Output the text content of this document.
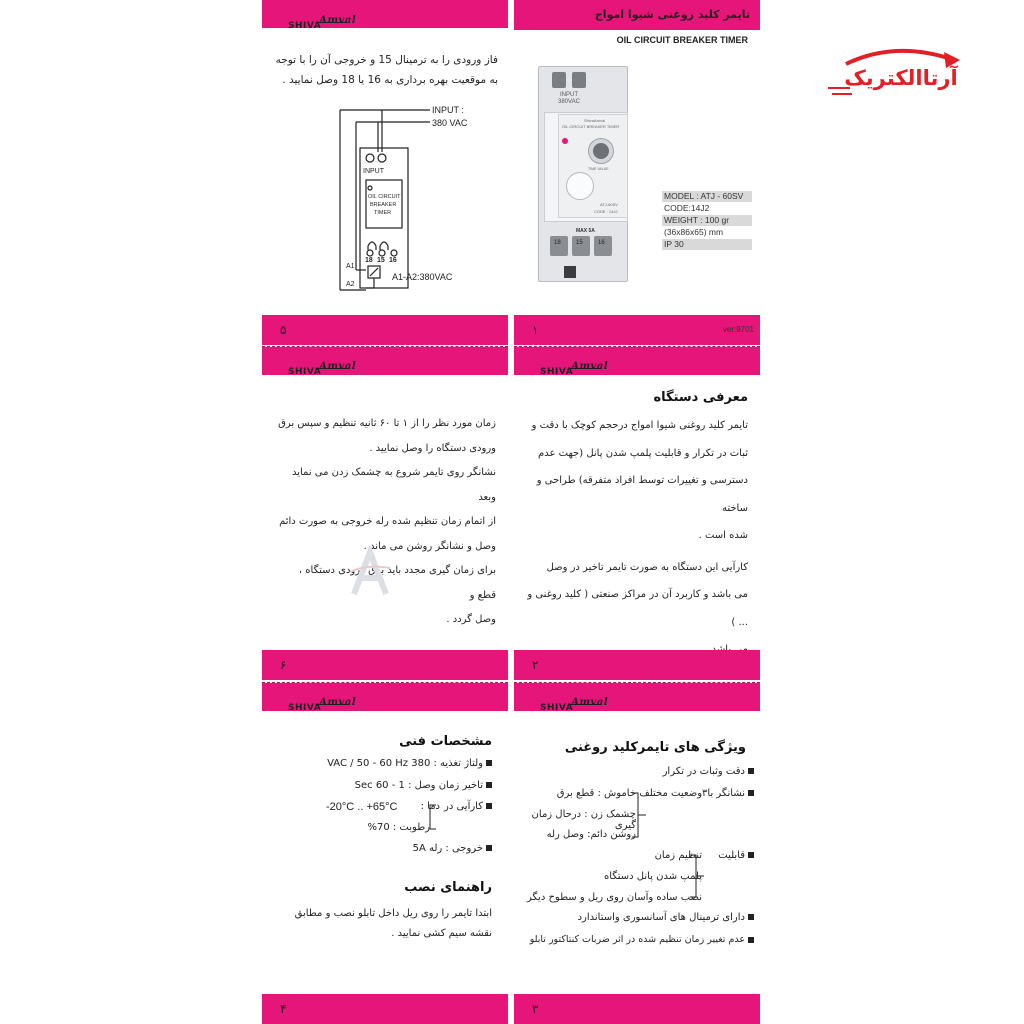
SHIVAAmval
فاز ورودی را به ترمینال 15 و خروجی آن را با توجه به موقعیت بهره برداری به 16 یا 18 وصل نمایید .
INPUT :
380 VAC
INPUT
OIL CIRCUIT
BREAKER
TIMER
18 15 16
A1
A2
A1-A2:380VAC
۵
تایمر کلید روغنی شیوا امواج
OIL CIRCUIT BREAKER TIMER
INPUT
380VAC
OIL CIRCUIT BREAKER TIMER
ShivaAmval
TIME VALUE
ATJ-60SV
CODE : 14J2
MAX 5A
18	15	16
MODEL : ATJ - 60SV
CODE:14J2
WEIGHT : 100 gr
(36x86x65) mm
IP 30
۱	ver:9701
آرتاالکتریک
SHIVAAmval
زمان مورد نظر را از ۱ تا ۶۰ ثانیه تنظیم و سپس برق
ورودی دستگاه را وصل نمایید .
نشانگر روی تایمر شروع به چشمک زدن می نماید وبعد
از اتمام زمان تنظیم شده رله خروجی به صورت دائم
وصل و نشانگر روشن می ماند .
برای زمان گیری مجدد باید برق ورودی دستگاه ، قطع و
وصل گردد .
۶
SHIVAAmval
معرفی دستگاه
تایمر کلید روغنی شیوا امواج درحجم کوچک با دقت و
ثبات در تکرار و قابلیت پلمپ شدن پانل (جهت عدم
دسترسی و تغییرات توسط افراد متفرقه) طراحی و ساخته
شده است .
کارآیی این دستگاه به صورت تایمر تاخیر در وصل
می باشد و کاربرد آن در مراکز صنعتی ( کلید روغنی و ... )
۲
SHIVAAmval
مشخصات فنی
ولتاژ تغذیه : 380 VAC / 50 - 60 Hz
تاخیر زمان وصل : 1 - 60 Sec
کارآیی در
دما :
-20°C .. +65°C
رطوبت : 70%
خروجی : رله 5A
راهنمای نصب
ابتدا تایمر را روی ریل داخل تابلو نصب و مطابق
نقشه سیم کشی نمایید .
۴
SHIVAAmval
ویژگی های تایمرکلید روغنی
دقت وثبات در تکرار
نشانگر با۳وضعیت مختلف
خاموش : قطع برق
چشمک زن : درحال زمان گیری
روشن دائم: وصل رله
قابلیت
تنظیم زمان
پلمپ شدن پانل دستگاه
نصب ساده وآسان روی ریل و سطوح دیگر
دارای ترمینال های آسانسوری واستاندارد
عدم تغییر زمان تنظیم شده در اثر ضربات کنتاکتور تابلو
۳
